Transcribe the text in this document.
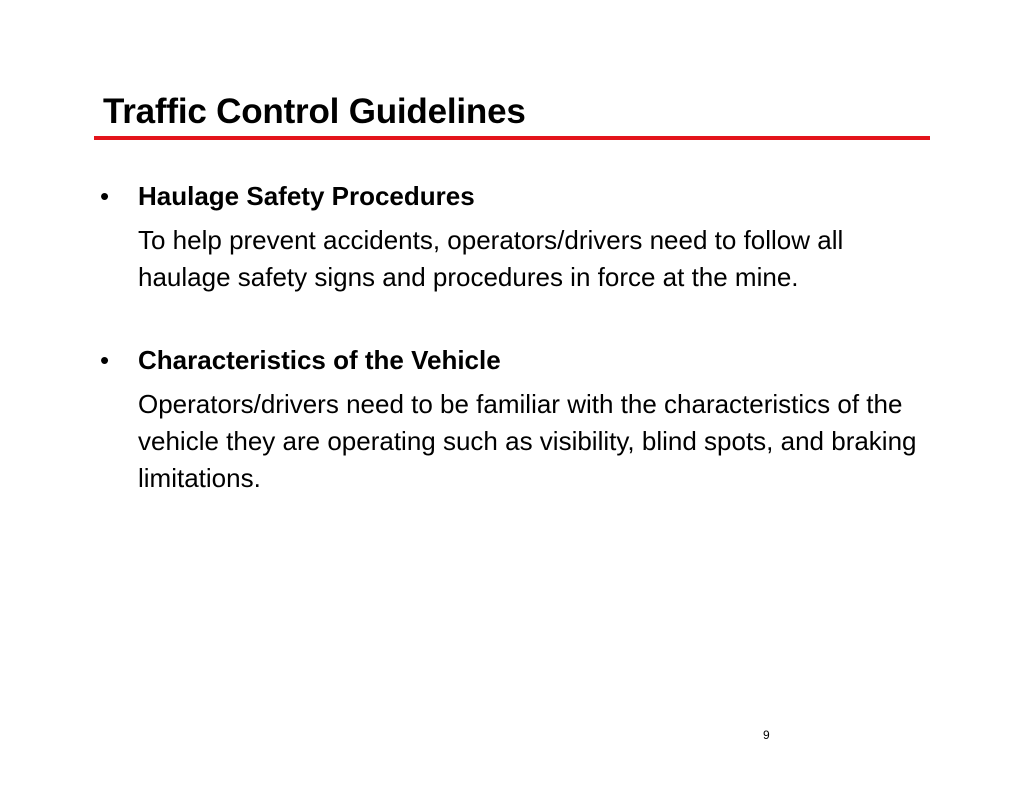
Traffic Control Guidelines
•	Haulage Safety Procedures
To help prevent accidents, operators/drivers need to follow all haulage safety signs and procedures in force at the mine.
•	Characteristics of the Vehicle
Operators/drivers need to be familiar with the characteristics of the vehicle they are operating such as visibility, blind spots, and braking limitations.
9
